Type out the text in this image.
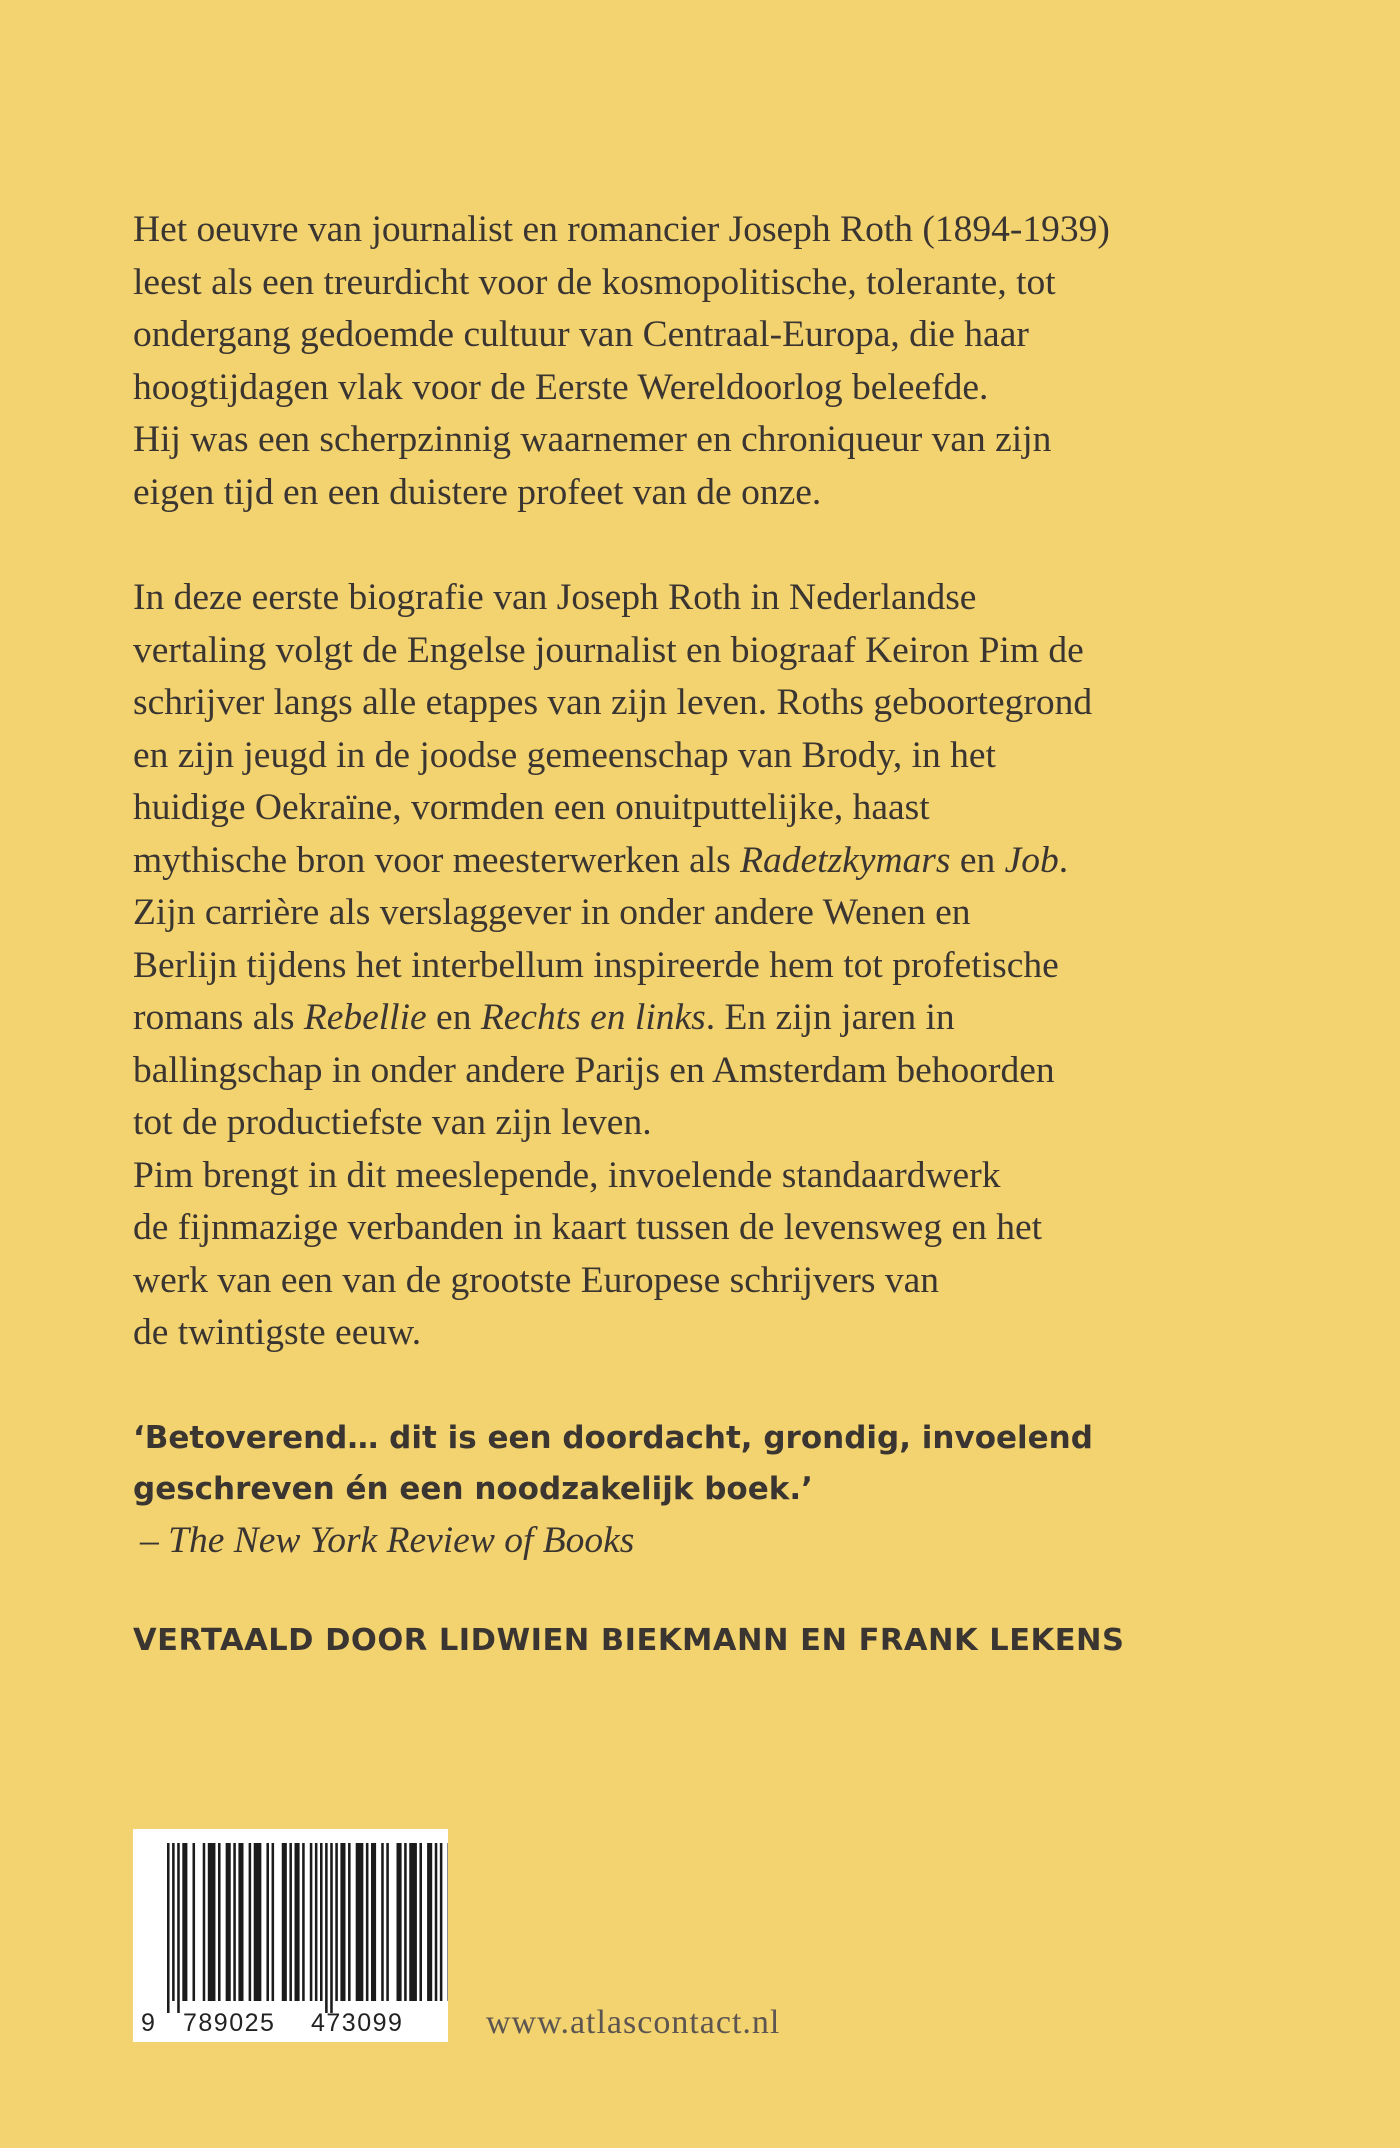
Het oeuvre van journalist en romancier Joseph Roth (1894-1939)
leest als een treurdicht voor de kosmopolitische, tolerante, tot
ondergang gedoemde cultuur van Centraal-Europa, die haar
hoogtijdagen vlak voor de Eerste Wereldoorlog beleefde.
Hij was een scherpzinnig waarnemer en chroniqueur van zijn
eigen tijd en een duistere profeet van de onze.

In deze eerste biografie van Joseph Roth in Nederlandse
vertaling volgt de Engelse journalist en biograaf Keiron Pim de
schrijver langs alle etappes van zijn leven. Roths geboortegrond
en zijn jeugd in de joodse gemeenschap van Brody, in het
huidige Oekraïne, vormden een onuitputtelijke, haast
mythische bron voor meesterwerken als Radetzkymars en Job.
Zijn carrière als verslaggever in onder andere Wenen en
Berlijn tijdens het interbellum inspireerde hem tot profetische
romans als Rebellie en Rechts en links. En zijn jaren in
ballingschap in onder andere Parijs en Amsterdam behoorden
tot de productiefste van zijn leven.
Pim brengt in dit meeslepende, invoelende standaardwerk
de fijnmazige verbanden in kaart tussen de levensweg en het
werk van een van de grootste Europese schrijvers van
de twintigste eeuw.

‘Betoverend… dit is een doordacht, grondig, invoelend
geschreven én een noodzakelijk boek.’
– The New York Review of Books
VERTAALD DOOR LIDWIEN BIEKMANN EN FRANK LEKENS
9 789025 473099 www.atlascontact.nl
